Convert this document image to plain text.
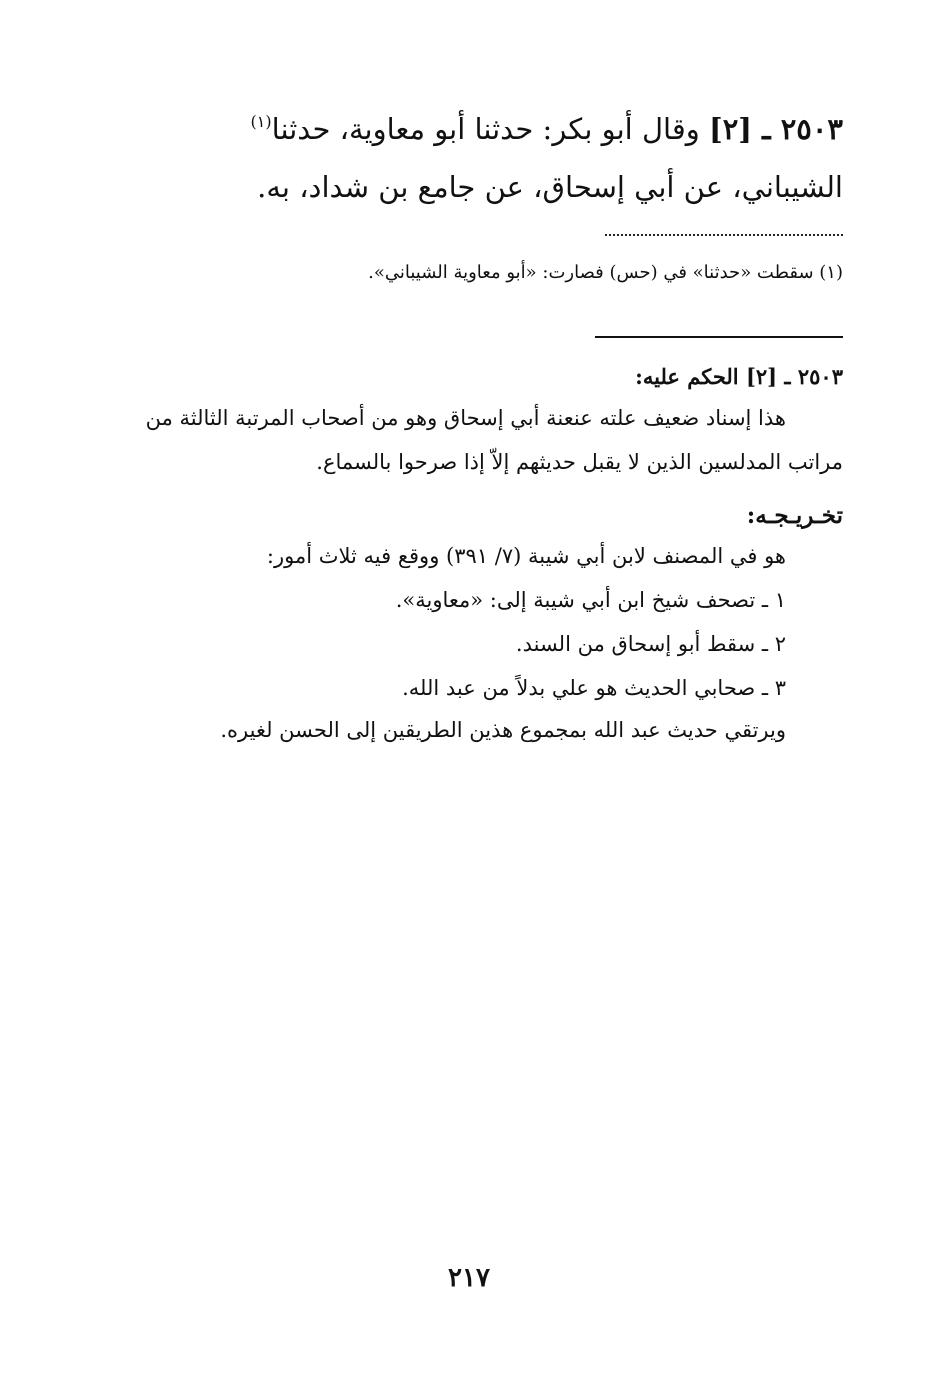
٢٥٠٣ ـ [٢] وقال أبو بكر: حدثنا أبو معاوية، حدثنا$^{(١)}$
الشيباني، عن أبي إسحاق، عن جامع بن شداد، به.
(١) سقطت «حدثنا» في (حس) فصارت: «أبو معاوية الشيباني».
٢٥٠٣ ـ [٢] الحكم عليه:
هذا إسناد ضعيف علته عنعنة أبي إسحاق وهو من أصحاب المرتبة الثالثة من
مراتب المدلسين الذين لا يقبل حديثهم إلاّ إذا صرحوا بالسماع.
تخـريـجـه:
هو في المصنف لابن أبي شيبة (٧/ ٣٩١) ووقع فيه ثلاث أمور:
١ ـ تصحف شيخ ابن أبي شيبة إلى: «معاوية».
٢ ـ سقط أبو إسحاق من السند.
٣ ـ صحابي الحديث هو علي بدلاً من عبد الله.
ويرتقي حديث عبد الله بمجموع هذين الطريقين إلى الحسن لغيره.
٢١٧
